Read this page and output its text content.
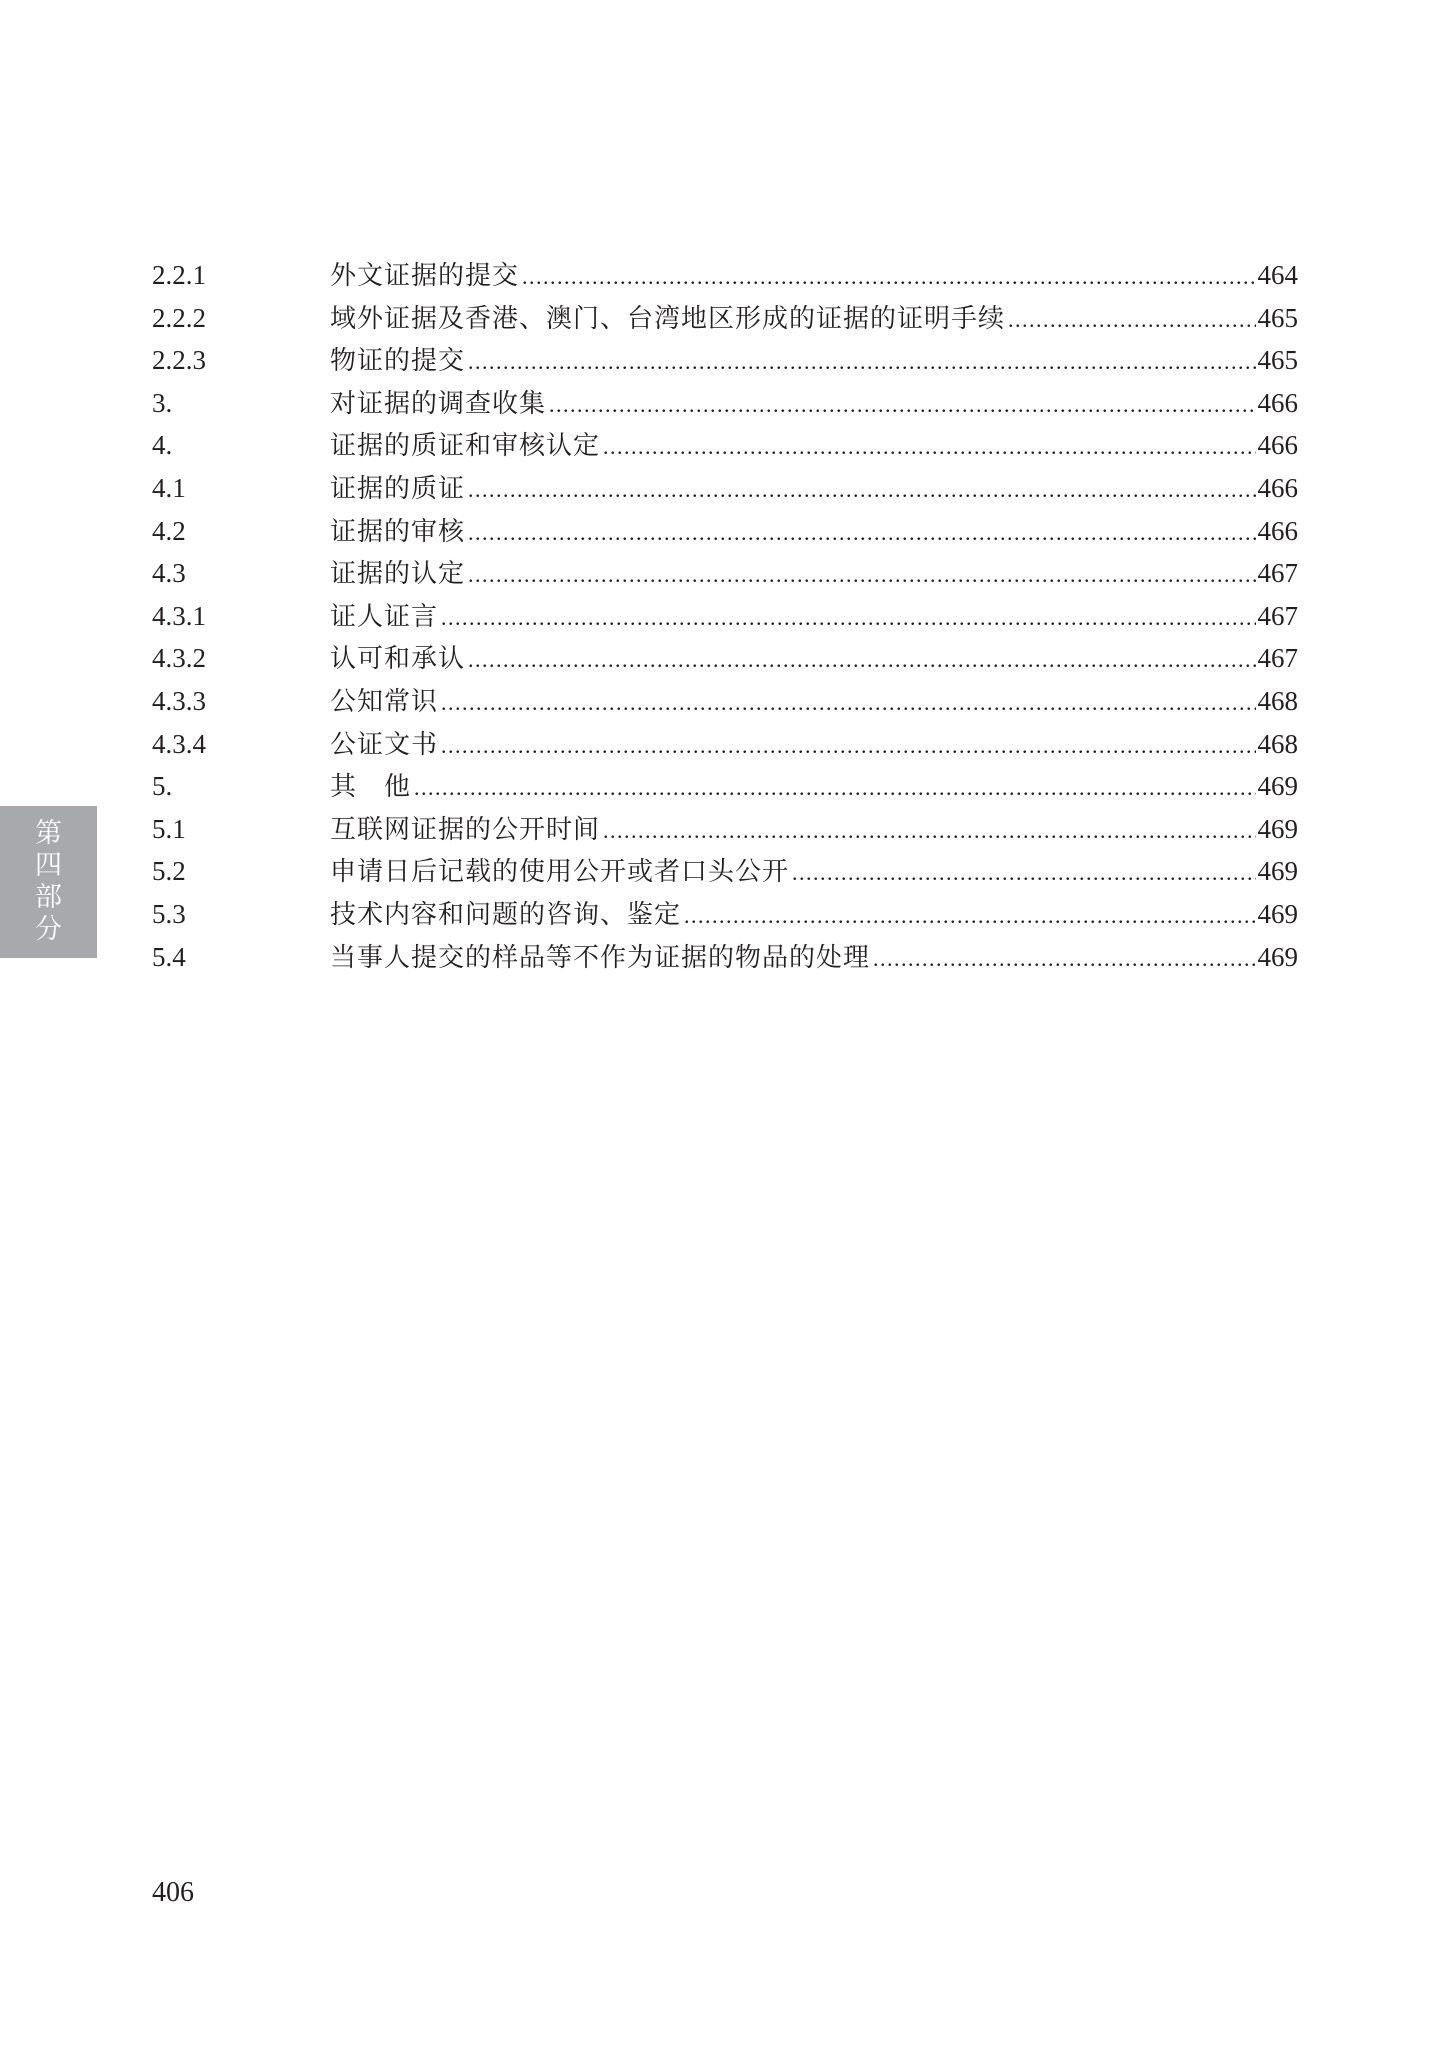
第
四
部
分
2.2.1	外文证据的提交 .....	464
2.2.2	域外证据及香港、澳门、台湾地区形成的证据的证明手续 .....	465
2.2.3	物证的提交 .....	465
3.	对证据的调查收集 .....	466
4.	证据的质证和审核认定 .....	466
4.1	证据的质证 .....	466
4.2	证据的审核 .....	466
4.3	证据的认定 .....	467
4.3.1	证人证言 .....	467
4.3.2	认可和承认 .....	467
4.3.3	公知常识 .....	468
4.3.4	公证文书 .....	468
5.	其　他 .....	469
5.1	互联网证据的公开时间 .....	469
5.2	申请日后记载的使用公开或者口头公开 .....	469
5.3	技术内容和问题的咨询、鉴定 .....	469
5.4	当事人提交的样品等不作为证据的物品的处理 .....	469
406
